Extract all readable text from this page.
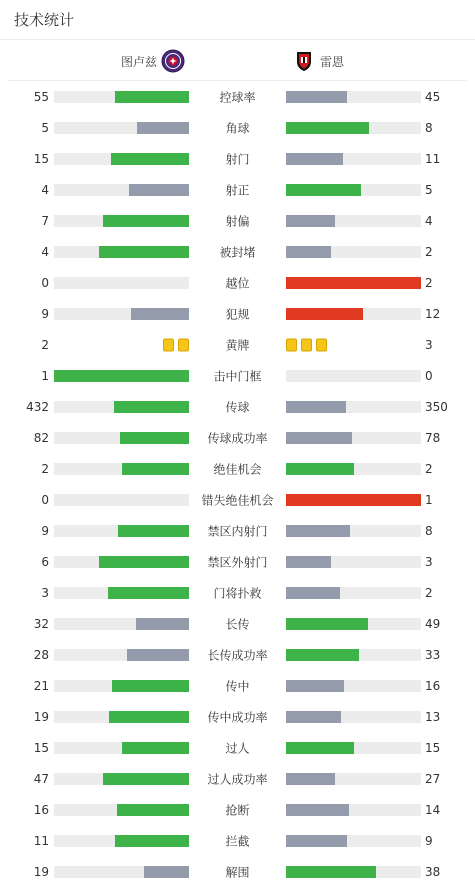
技术统计
图卢兹	雷恩
55	控球率	45
5	角球	8
15	射门	11
4	射正	5
7	射偏	4
4	被封堵	2
0	越位	2
9	犯规	12
2	黄牌	3
1	击中门框	0
432	传球	350
82	传球成功率	78
2	绝佳机会	2
0	错失绝佳机会	1
9	禁区内射门	8
6	禁区外射门	3
3	门将扑救	2
32	长传	49
28	长传成功率	33
21	传中	16
19	传中成功率	13
15	过人	15
47	过人成功率	27
16	抢断	14
11	拦截	9
19	解围	38
